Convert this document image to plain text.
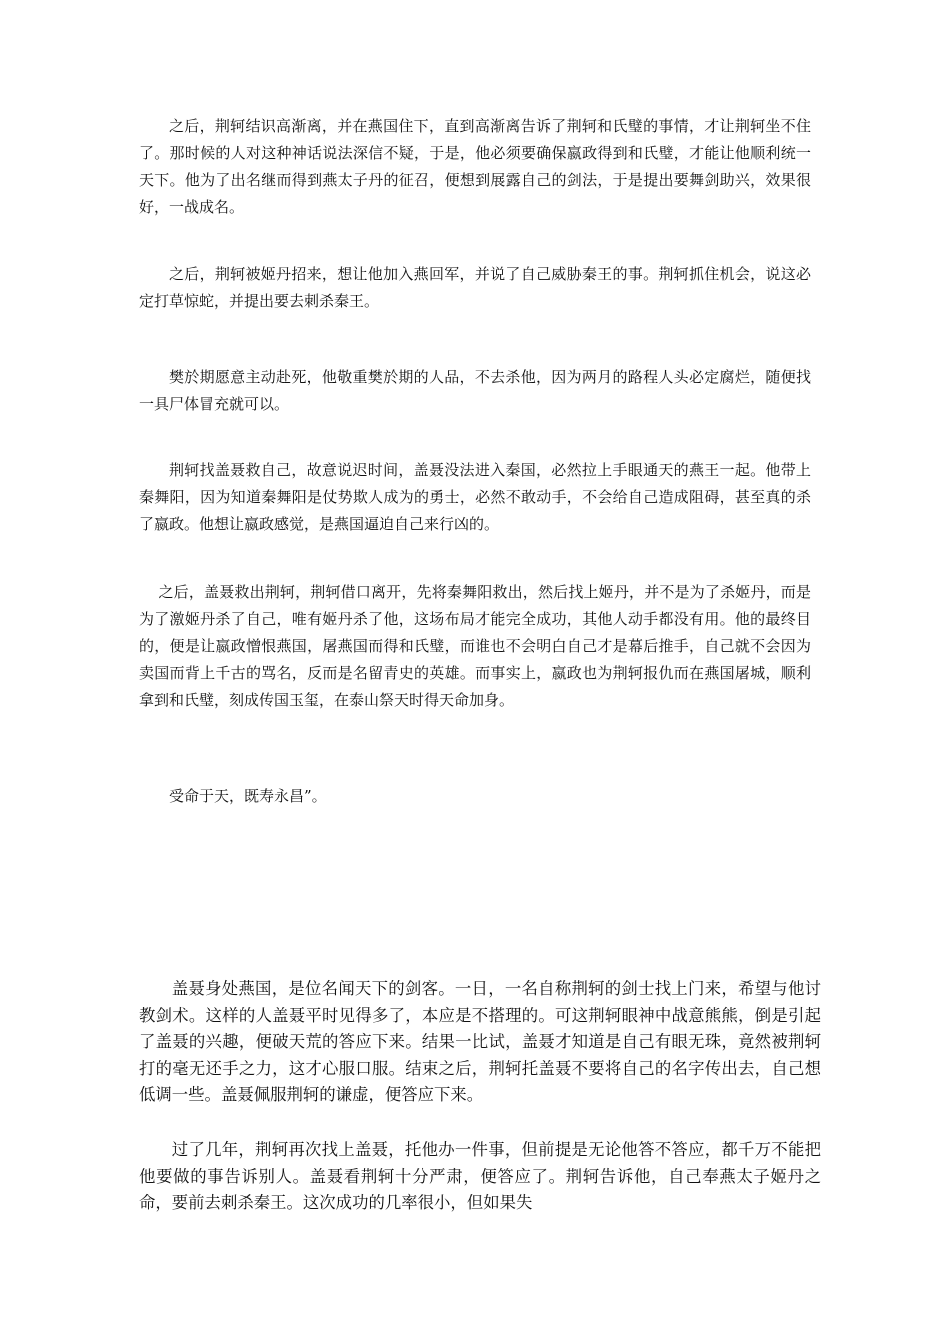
之后，荆轲结识高渐离，并在燕国住下，直到高渐离告诉了荆轲和氏璧的事情，才让荆轲坐不住了。那时候的人对这种神话说法深信不疑，于是，他必须要确保嬴政得到和氏璧，才能让他顺利统一天下。他为了出名继而得到燕太子丹的征召，便想到展露自己的剑法，于是提出要舞剑助兴，效果很好，一战成名。

之后，荆轲被姬丹招来，想让他加入燕回军，并说了自己威胁秦王的事。荆轲抓住机会，说这必定打草惊蛇，并提出要去刺杀秦王。

樊於期愿意主动赴死，他敬重樊於期的人品，不去杀他，因为两月的路程人头必定腐烂，随便找一具尸体冒充就可以。

荆轲找盖聂救自己，故意说迟时间，盖聂没法进入秦国，必然拉上手眼通天的燕王一起。他带上秦舞阳，因为知道秦舞阳是仗势欺人成为的勇士，必然不敢动手，不会给自己造成阻碍，甚至真的杀了嬴政。他想让嬴政感觉，是燕国逼迫自己来行凶的。

之后，盖聂救出荆轲，荆轲借口离开，先将秦舞阳救出，然后找上姬丹，并不是为了杀姬丹，而是为了激姬丹杀了自己，唯有姬丹杀了他，这场布局才能完全成功，其他人动手都没有用。他的最终目的，便是让嬴政憎恨燕国，屠燕国而得和氏璧，而谁也不会明白自己才是幕后推手，自己就不会因为卖国而背上千古的骂名，反而是名留青史的英雄。而事实上，嬴政也为荆轲报仇而在燕国屠城，顺利拿到和氏璧，刻成传国玉玺，在泰山祭天时得天命加身。

受命于天，既寿永昌”。

盖聂身处燕国，是位名闻天下的剑客。一日，一名自称荆轲的剑士找上门来，希望与他讨教剑术。这样的人盖聂平时见得多了，本应是不搭理的。可这荆轲眼神中战意熊熊，倒是引起了盖聂的兴趣，便破天荒的答应下来。结果一比试，盖聂才知道是自己有眼无珠，竟然被荆轲打的毫无还手之力，这才心服口服。结束之后，荆轲托盖聂不要将自己的名字传出去，自己想低调一些。盖聂佩服荆轲的谦虚，便答应下来。

过了几年，荆轲再次找上盖聂，托他办一件事，但前提是无论他答不答应，都千万不能把他要做的事告诉别人。盖聂看荆轲十分严肃，便答应了。荆轲告诉他，自己奉燕太子姬丹之命，要前去刺杀秦王。这次成功的几率很小，但如果失
